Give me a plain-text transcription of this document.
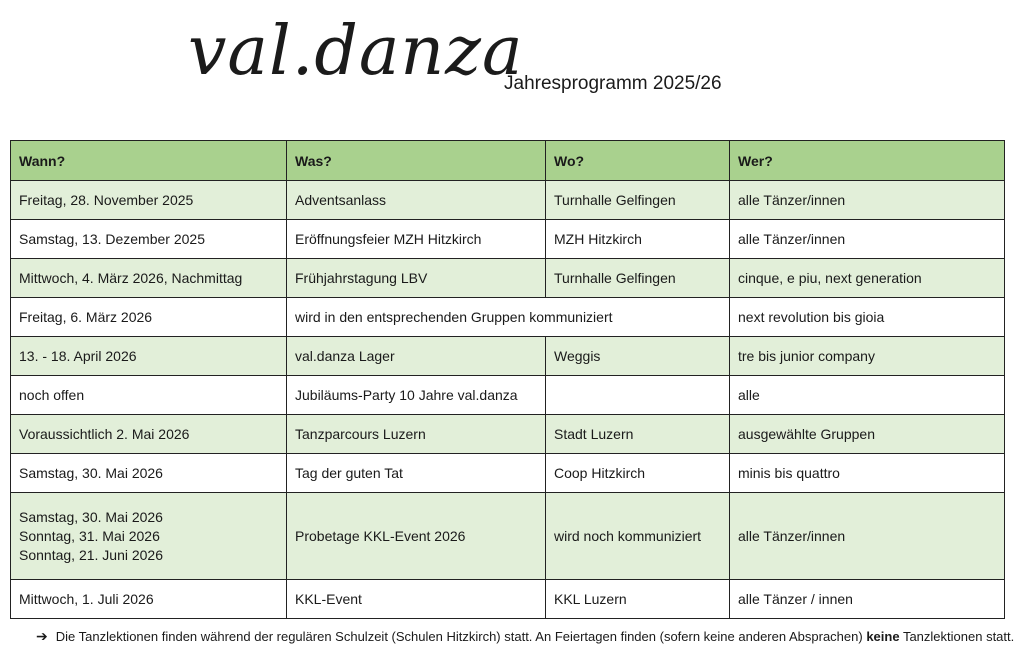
val.danza
Jahresprogramm 2025/26
Wann?	Was?	Wo?	Wer?
Freitag, 28. November 2025	Adventsanlass	Turnhalle Gelfingen	alle Tänzer/innen
Samstag, 13. Dezember 2025	Eröffnungsfeier MZH Hitzkirch	MZH Hitzkirch	alle Tänzer/innen
Mittwoch, 4. März 2026, Nachmittag	Frühjahrstagung LBV	Turnhalle Gelfingen	cinque, e piu, next generation
Freitag, 6. März 2026	wird in den entsprechenden Gruppen kommuniziert		next revolution bis gioia
13. - 18. April 2026	val.danza Lager	Weggis	tre bis junior company
noch offen	Jubiläums-Party 10 Jahre val.danza		alle
Voraussichtlich 2. Mai 2026	Tanzparcours Luzern	Stadt Luzern	ausgewählte Gruppen
Samstag, 30. Mai 2026	Tag der guten Tat	Coop Hitzkirch	minis bis quattro

Samstag, 30. Mai 2026
Sonntag, 31. Mai 2026
Sonntag, 21. Juni 2026	Probetage KKL-Event 2026	wird noch kommuniziert	alle Tänzer/innen
Mittwoch, 1. Juli 2026	KKL-Event	KKL Luzern	alle Tänzer / innen
➔ Die Tanzlektionen finden während der regulären Schulzeit (Schulen Hitzkirch) statt. An Feiertagen finden (sofern keine anderen Absprachen) keine Tanzlektionen statt.
